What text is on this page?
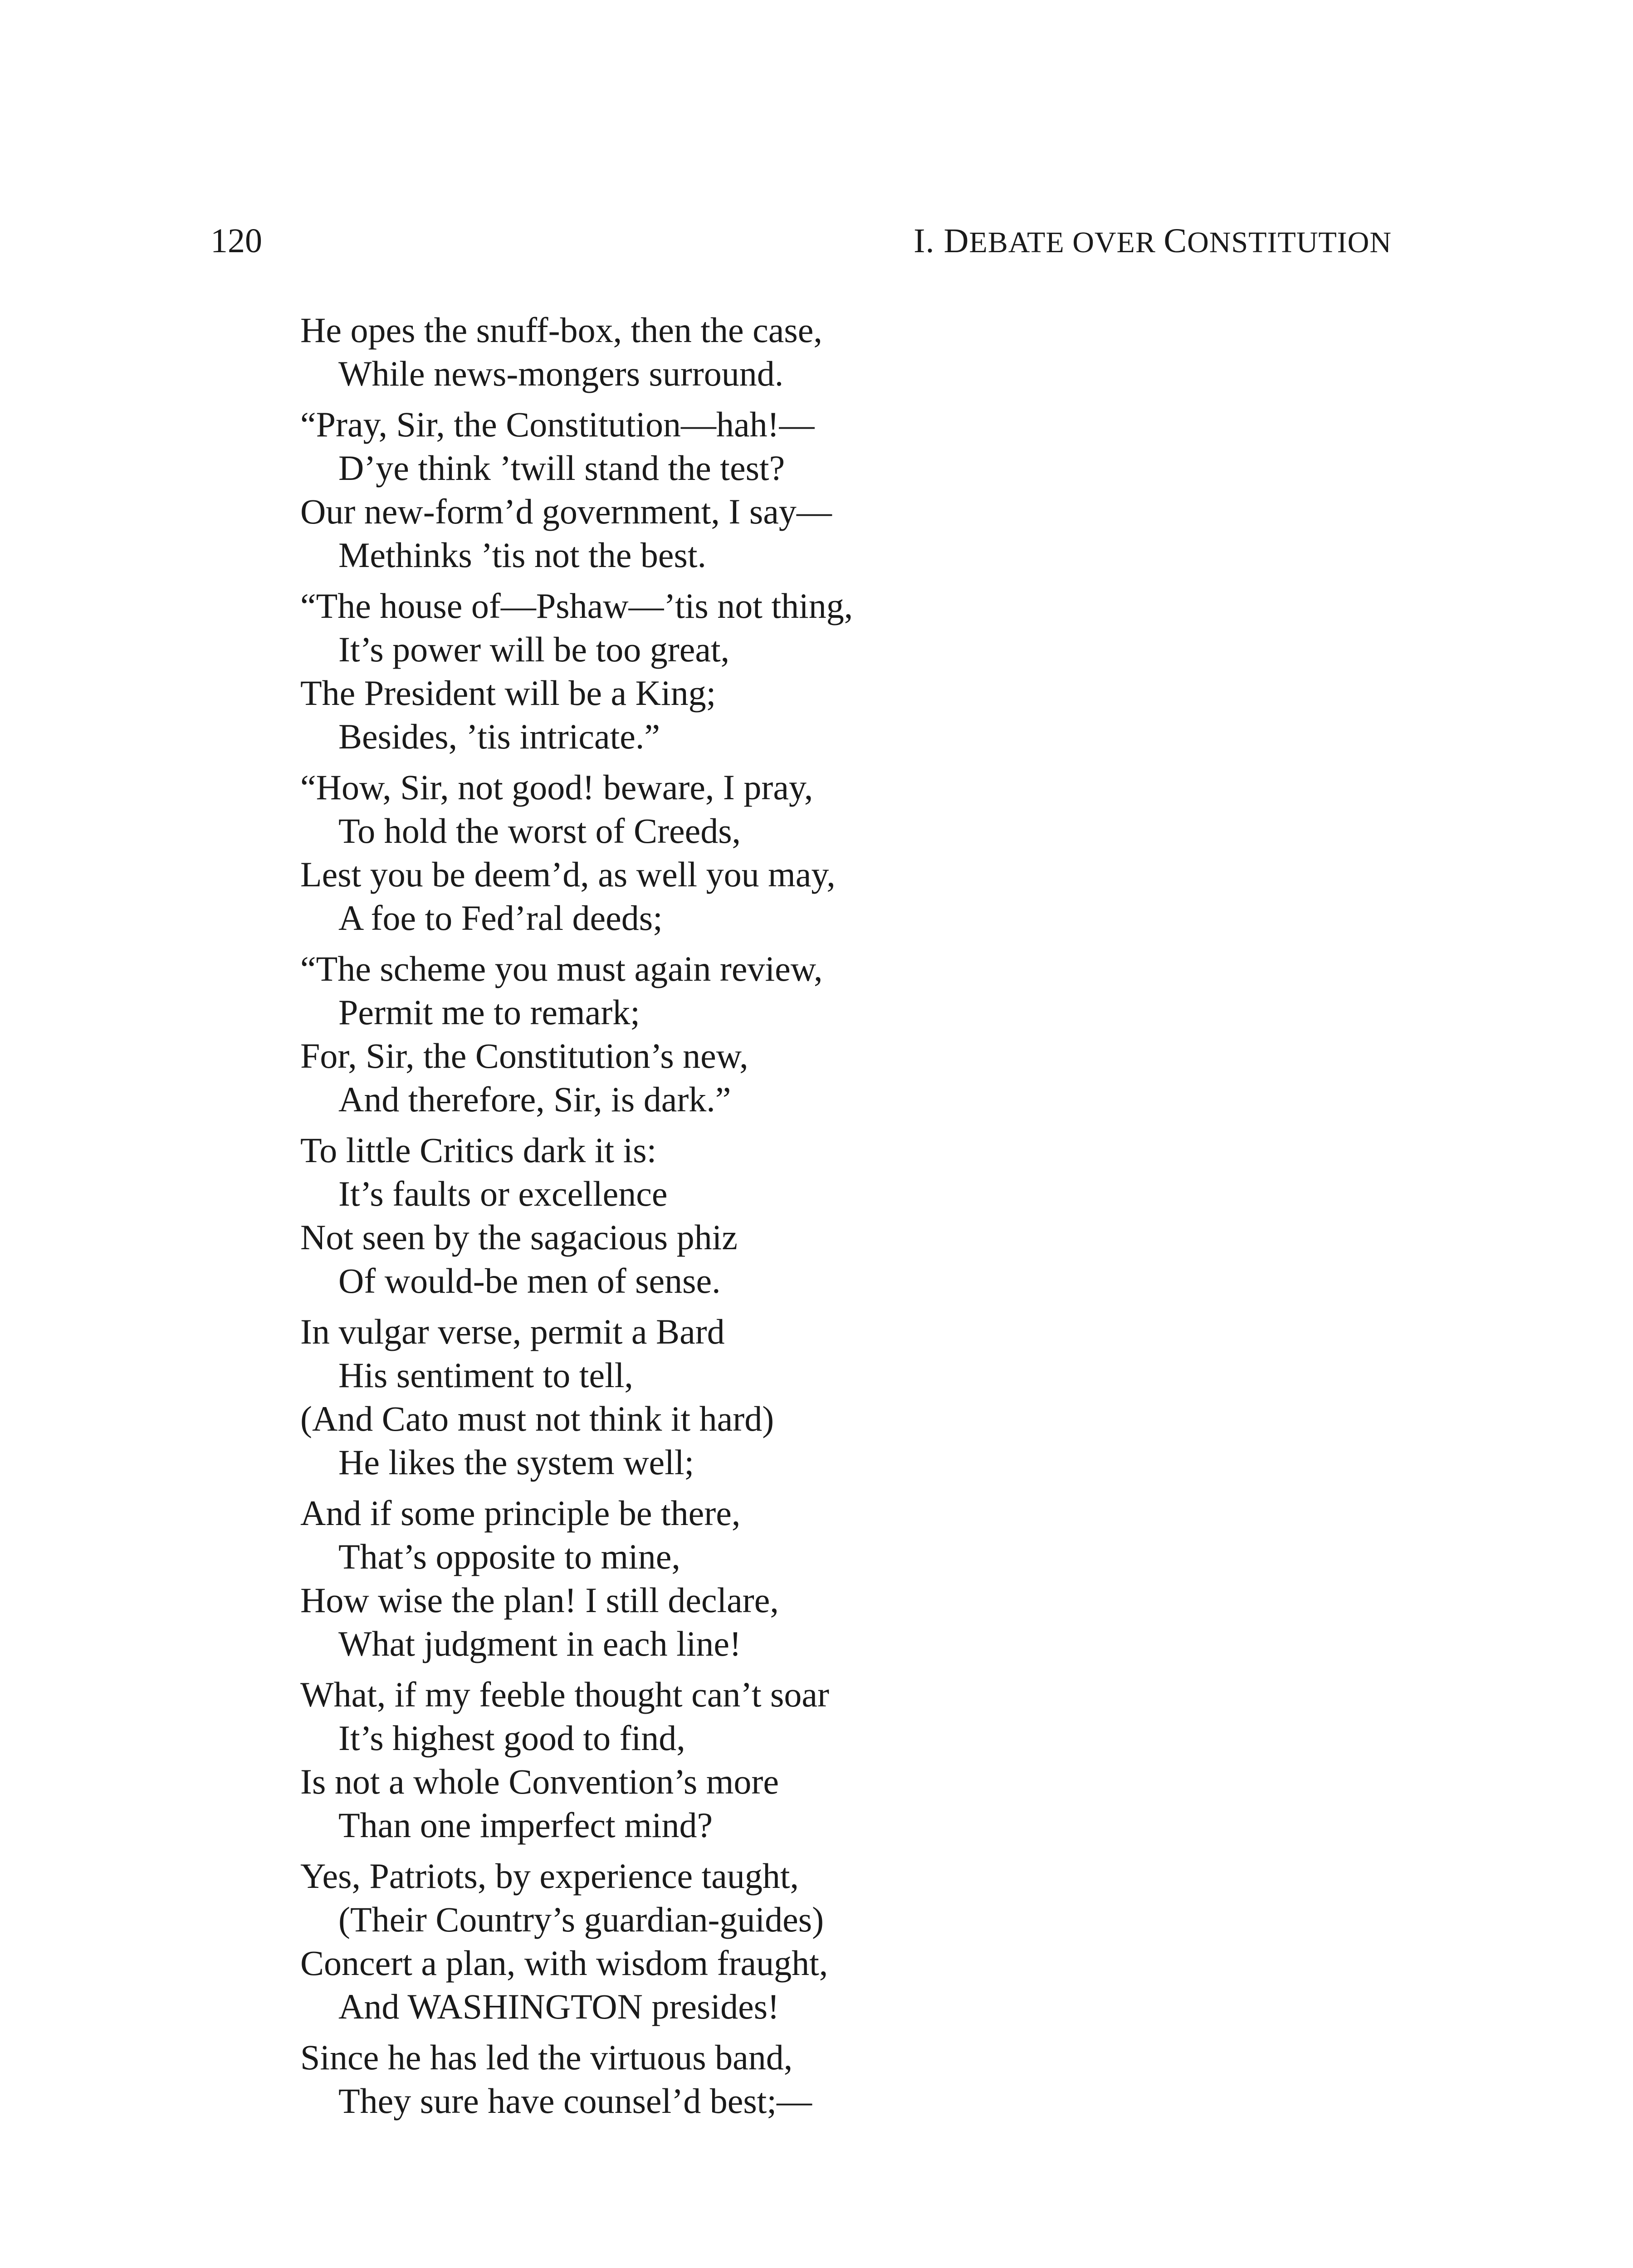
120	I. DEBATE OVER CONSTITUTION
He opes the snuff-box, then the case,
While news-mongers surround.
“Pray, Sir, the Constitution—hah!—
D’ye think ’twill stand the test?
Our new-form’d government, I say—
Methinks ’tis not the best.
“The house of—Pshaw—’tis not thing,
It’s power will be too great,
The President will be a King;
Besides, ’tis intricate.”
“How, Sir, not good! beware, I pray,
To hold the worst of Creeds,
Lest you be deem’d, as well you may,
A foe to Fed’ral deeds;
“The scheme you must again review,
Permit me to remark;
For, Sir, the Constitution’s new,
And therefore, Sir, is dark.”
To little Critics dark it is:
It’s faults or excellence
Not seen by the sagacious phiz
Of would-be men of sense.
In vulgar verse, permit a Bard
His sentiment to tell,
(And Cato must not think it hard)
He likes the system well;
And if some principle be there,
That’s opposite to mine,
How wise the plan! I still declare,
What judgment in each line!
What, if my feeble thought can’t soar
It’s highest good to find,
Is not a whole Convention’s more
Than one imperfect mind?
Yes, Patriots, by experience taught,
(Their Country’s guardian-guides)
Concert a plan, with wisdom fraught,
And WASHINGTON presides!
Since he has led the virtuous band,
They sure have counsel’d best;—
